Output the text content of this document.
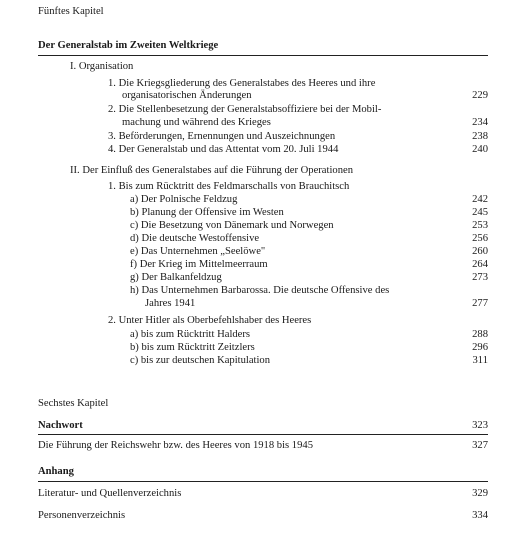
Fünftes Kapitel
Der Generalstab im Zweiten Weltkriege
I. Organisation
1. Die Kriegsgliederung des Generalstabes des Heeres und ihre
organisatorischen Änderungen	229
2. Die Stellenbesetzung der Generalstabsoffiziere bei der Mobil-
machung und während des Krieges	234
3. Beförderungen, Ernennungen und Auszeichnungen	238
4. Der Generalstab und das Attentat vom 20. Juli 1944	240
II. Der Einfluß des Generalstabes auf die Führung der Operationen
1. Bis zum Rücktritt des Feldmarschalls von Brauchitsch
a) Der Polnische Feldzug	242
b) Planung der Offensive im Westen	245
c) Die Besetzung von Dänemark und Norwegen	253
d) Die deutsche Westoffensive	256
e) Das Unternehmen „Seelöwe"	260
f) Der Krieg im Mittelmeerraum	264
g) Der Balkanfeldzug	273
h) Das Unternehmen Barbarossa. Die deutsche Offensive des
Jahres 1941	277
2. Unter Hitler als Oberbefehlshaber des Heeres
a) bis zum Rücktritt Halders	288
b) bis zum Rücktritt Zeitzlers	296
c) bis zur deutschen Kapitulation	311
Sechstes Kapitel
Nachwort	323
Die Führung der Reichswehr bzw. des Heeres von 1918 bis 1945	327
Anhang
Literatur- und Quellenverzeichnis	329
Personenverzeichnis	334
